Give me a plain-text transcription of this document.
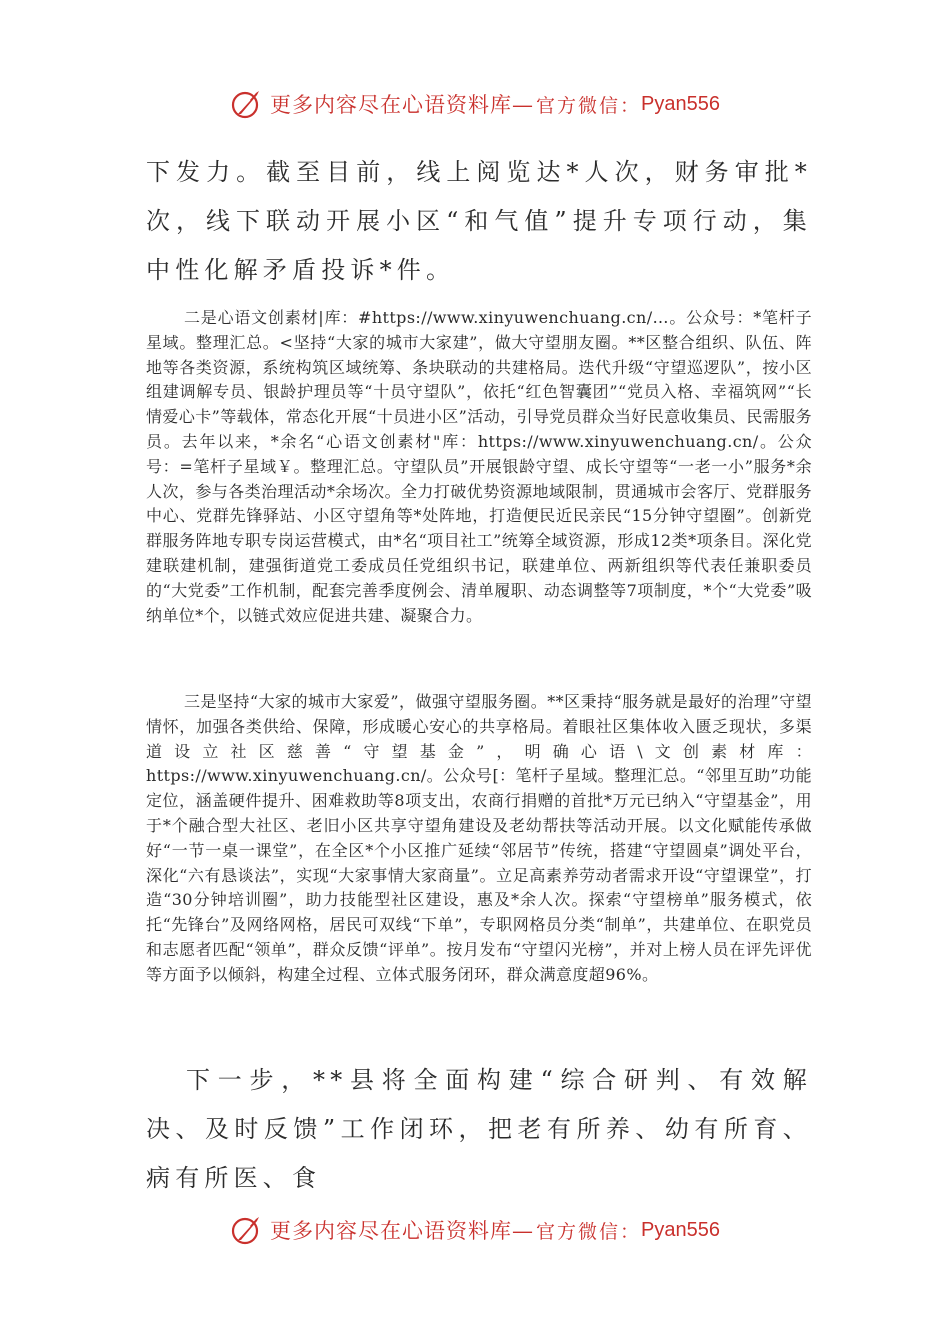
更多内容尽在心语资料库— 官方微信： Pyan556

下发力。截至目前，线上阅览达*人次，财务审批*次，线下联动开展小区“和气值”提升专项行动，集中性化解矛盾投诉*件。

二是心语文创素材|库：#https://www.xinyuwenchuang.cn/…。公众号：*笔杆子星域。整理汇总。<坚持“大家的城市大家建”，做大守望朋友圈。**区整合组织、队伍、阵地等各类资源，系统构筑区域统筹、条块联动的共建格局。迭代升级“守望巡逻队”，按小区组建调解专员、银龄护理员等“十员守望队”，依托“红色智囊团”“党员入格、幸福筑网”“长情爱心卡”等载体，常态化开展“十员进小区”活动，引导党员群众当好民意收集员、民需服务员。去年以来，*余名“心语文创素材"库：https://www.xinyuwenchuang.cn/。公众号：=笔杆子星域￥。整理汇总。守望队员”开展银龄守望、成长守望等“一老一小”服务*余人次，参与各类治理活动*余场次。全力打破优势资源地域限制，贯通城市会客厅、党群服务中心、党群先锋驿站、小区守望角等*处阵地，打造便民近民亲民“15分钟守望圈”。创新党群服务阵地专职专岗运营模式，由*名“项目社工”统筹全域资源，形成12类*项条目。深化党建联建机制，建强街道党工委成员任党组织书记，联建单位、两新组织等代表任兼职委员的“大党委”工作机制，配套完善季度例会、清单履职、动态调整等7项制度，*个“大党委”吸纳单位*个，以链式效应促进共建、凝聚合力。

三是坚持“大家的城市大家爱”，做强守望服务圈。**区秉持“服务就是最好的治理”守望情怀，加强各类供给、保障，形成暖心安心的共享格局。着眼社区集体收入匮乏现状，多渠道设立社区慈善“守望基金”，明确心语\文创素材库：https://www.xinyuwenchuang.cn/。公众号[：笔杆子星域。整理汇总。“邻里互助”功能定位，涵盖硬件提升、困难救助等8项支出，农商行捐赠的首批*万元已纳入“守望基金”，用于*个融合型大社区、老旧小区共享守望角建设及老幼帮扶等活动开展。以文化赋能传承做好“一节一桌一课堂”，在全区*个小区推广延续“邻居节”传统，搭建“守望圆桌”调处平台，深化“六有恳谈法”，实现“大家事情大家商量”。立足高素养劳动者需求开设“守望课堂”，打造“30分钟培训圈”，助力技能型社区建设，惠及*余人次。探索“守望榜单”服务模式，依托“先锋台”及网络网格，居民可双线“下单”，专职网格员分类“制单”，共建单位、在职党员和志愿者匹配“领单”，群众反馈“评单”。按月发布“守望闪光榜”，并对上榜人员在评先评优等方面予以倾斜，构建全过程、立体式服务闭环，群众满意度超96%。

下一步，**县将全面构建“综合研判、有效解决、及时反馈”工作闭环，把老有所养、幼有所育、病有所医、食

更多内容尽在心语资料库— 官方微信： Pyan556
